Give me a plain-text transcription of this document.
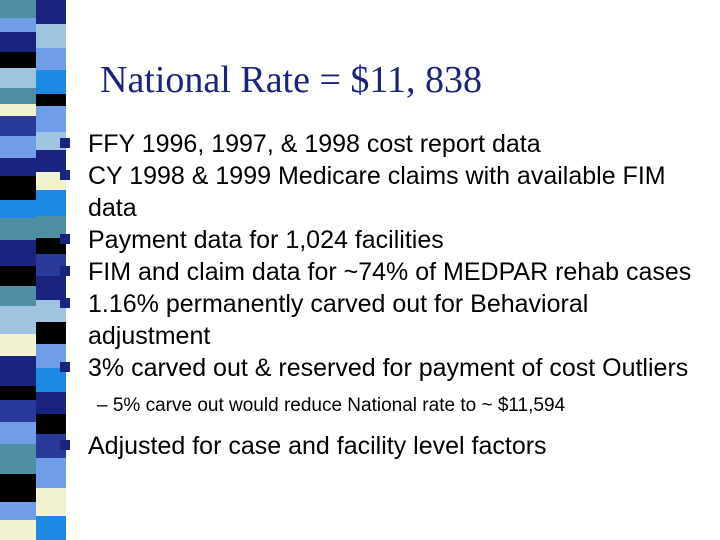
National Rate = $11, 838
FFY 1996, 1997, & 1998 cost report data
CY 1998 & 1999 Medicare claims with available FIM data
Payment data for 1,024 facilities
FIM and claim data for ~74% of MEDPAR rehab cases
1.16% permanently carved out for Behavioral adjustment
3% carved out & reserved for payment of cost Outliers
– 5% carve out would reduce National rate to ~ $11,594
Adjusted for case and facility level factors
